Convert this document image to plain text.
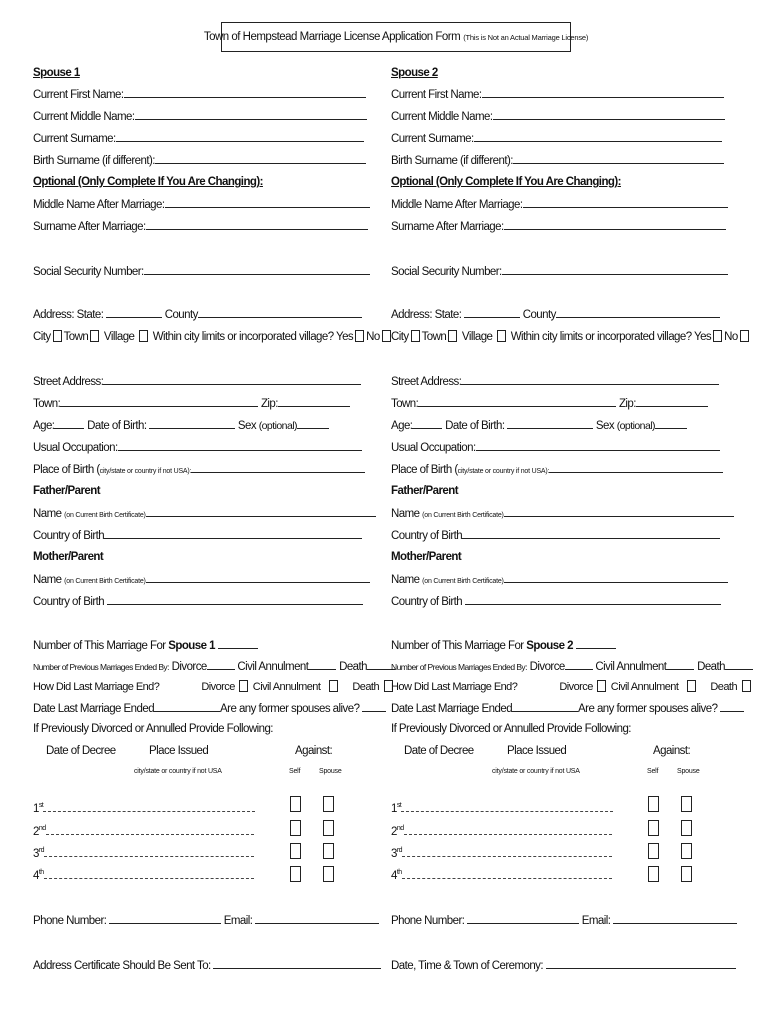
Town of Hempstead Marriage License Application Form (This is Not an Actual Marriage License)
Spouse 1
Current First Name:
Current Middle Name:
Current Surname:
Birth Surname (if different):
Optional (Only Complete If You Are Changing):
Middle Name After Marriage:
Surname After Marriage:
Social Security Number:
Address: State:	County
City Town Village Within city limits or incorporated village? Yes No
Street Address:
Town:	Zip:
Age:	Date of Birth:	Sex (optional)
Usual Occupation:
Place of Birth (city/state or country if not USA):
Father/Parent
Name (on Current Birth Certificate)
Country of Birth
Mother/Parent
Name (on Current Birth Certificate)
Country of Birth
Number of This Marriage For Spouse 1
Number of Previous Marriages Ended By: Divorce	Civil Annulment	Death
How Did Last Marriage End?	Divorce Civil Annulment	Death
Date Last Marriage Ended	Are any former spouses alive?
If Previously Divorced or Annulled Provide Following:
Date of Decree	Place Issued	Against:
city/state or country if not USA	Self	Spouse
1st
2nd
3rd
4th
Phone Number:	Email:
Address Certificate Should Be Sent To:
Spouse 2
Current First Name:
Current Middle Name:
Current Surname:
Birth Surname (if different):
Optional (Only Complete If You Are Changing):
Middle Name After Marriage:
Surname After Marriage:
Social Security Number:
Address: State:	County
City Town Village Within city limits or incorporated village? Yes No
Street Address:
Town:	Zip:
Age:	Date of Birth:	Sex (optional)
Usual Occupation:
Place of Birth (city/state or country if not USA):
Father/Parent
Name (on Current Birth Certificate)
Country of Birth
Mother/Parent
Name (on Current Birth Certificate)
Country of Birth
Number of This Marriage For Spouse 2
Number of Previous Marriages Ended By: Divorce	Civil Annulment	Death
How Did Last Marriage End?	Divorce Civil Annulment	Death
Date Last Marriage Ended	Are any former spouses alive?
If Previously Divorced or Annulled Provide Following:
Date of Decree	Place Issued	Against:
city/state or country if not USA	Self	Spouse
1st
2nd
3rd
4th
Phone Number:	Email:
Date, Time & Town of Ceremony:
